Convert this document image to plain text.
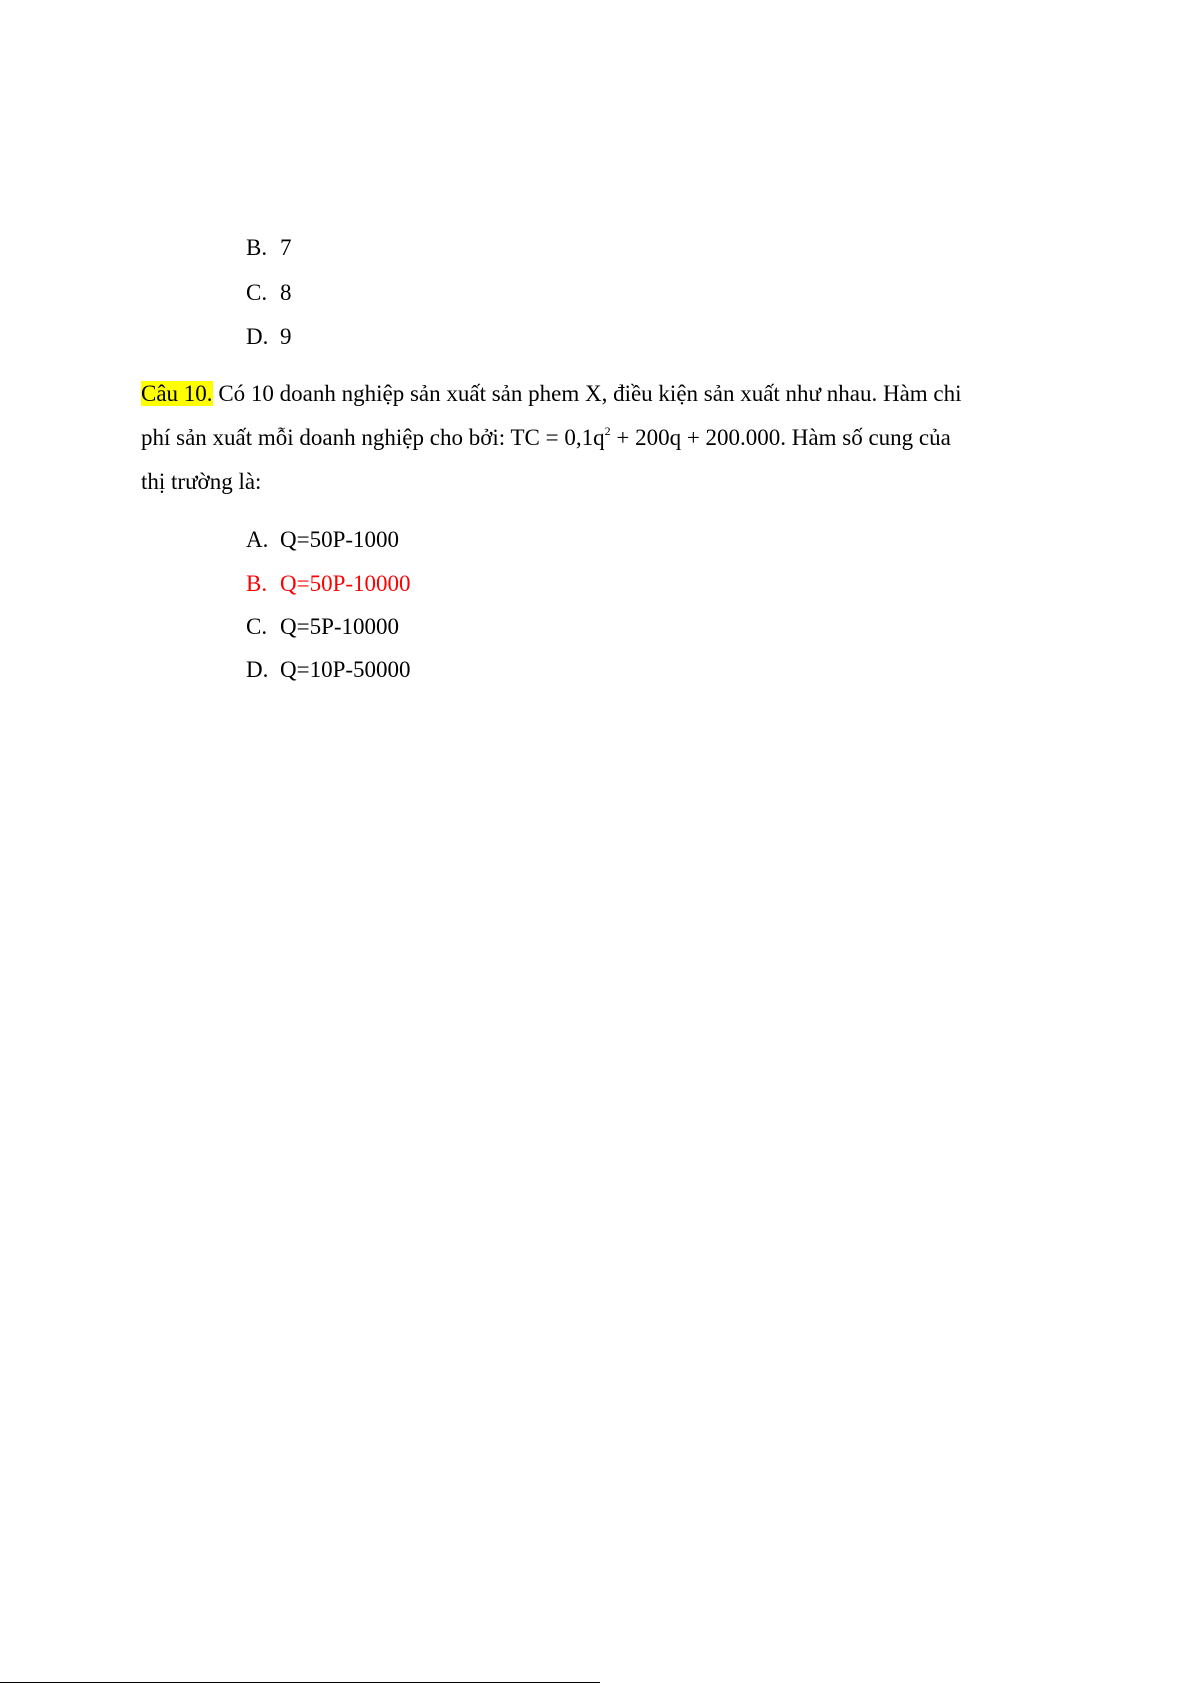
B. 7
C. 8
D. 9
Câu 10. Có 10 doanh nghiệp sản xuất sản phem X, điều kiện sản xuất như nhau. Hàm chi
phí sản xuất mỗi doanh nghiệp cho bởi: TC = $0,1q^2 + 200q + 200.000$. Hàm số cung của
thị trường là:
A. Q=50P-1000
B. Q=50P-10000
C. Q=5P-10000
D. Q=10P-50000
